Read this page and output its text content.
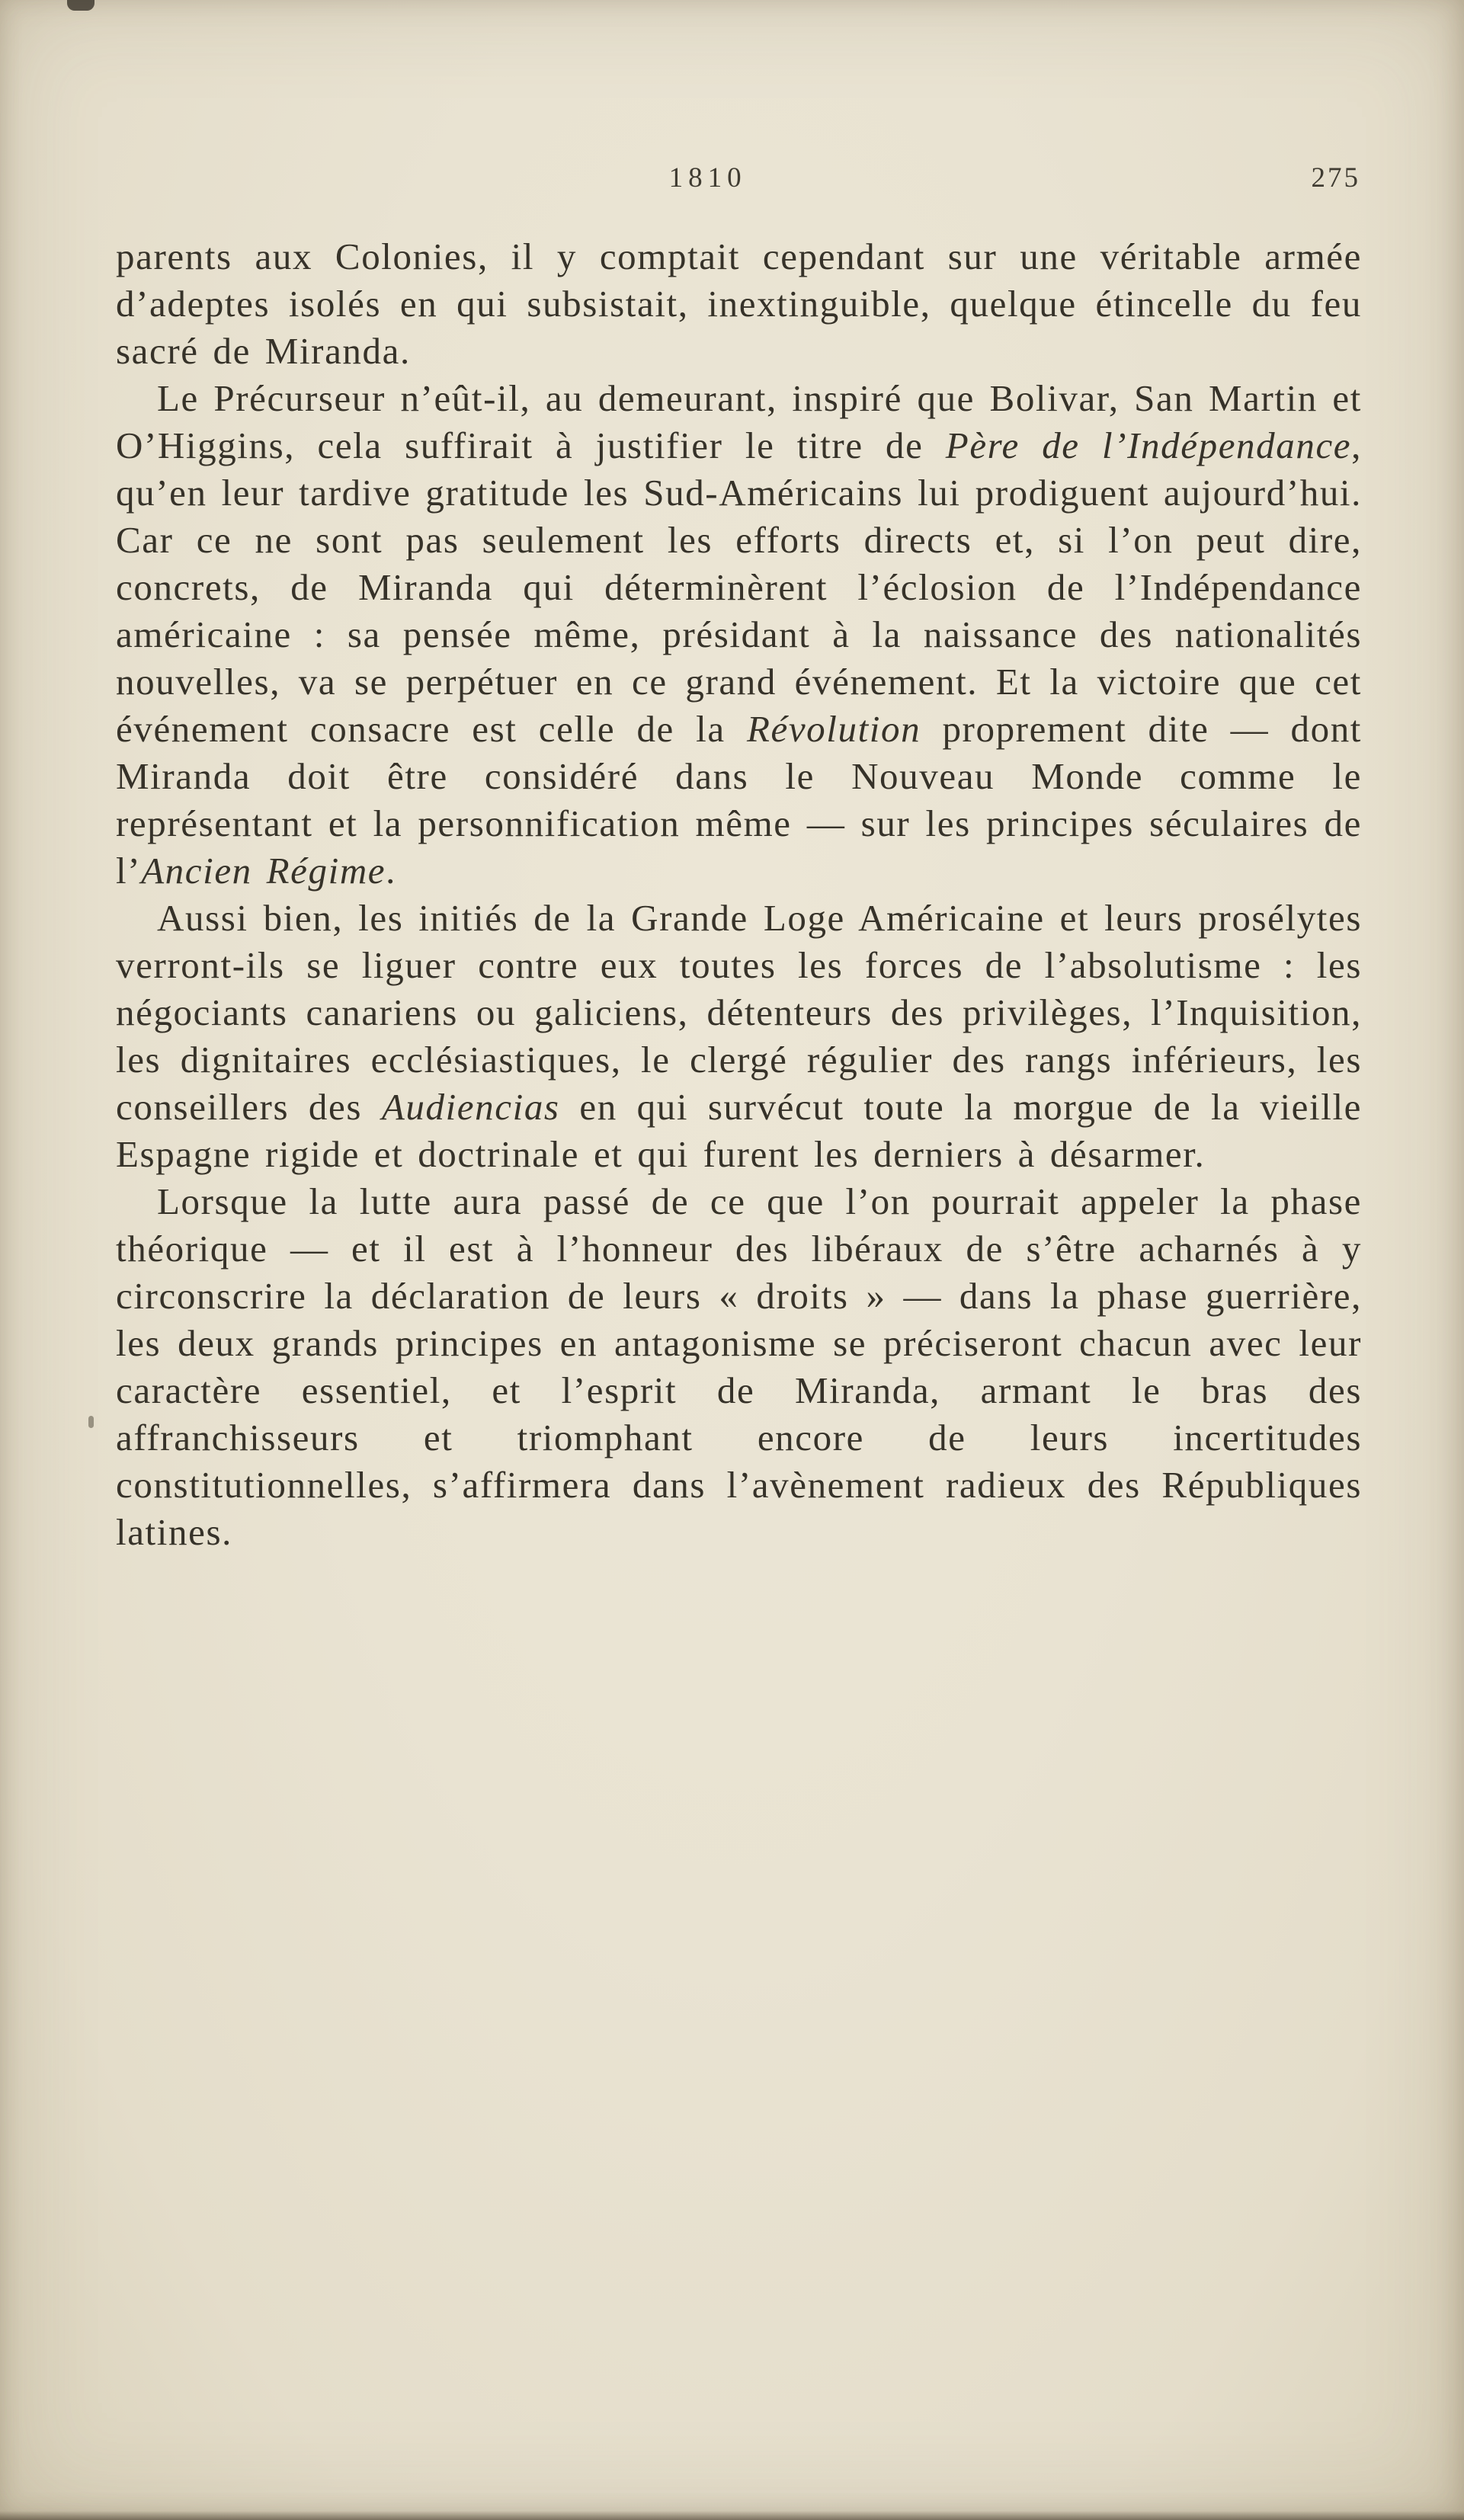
1810	275

parents aux Colonies, il y comptait cependant sur une véritable armée d’adeptes isolés en qui subsistait, inextinguible, quelque étincelle du feu sacré de Miranda.

Le Précurseur n’eût-il, au demeurant, inspiré que Bolivar, San Martin et O’Higgins, cela suffirait à justifier le titre de Père de l’Indépendance, qu’en leur tardive gratitude les Sud-Américains lui prodiguent aujourd’hui. Car ce ne sont pas seulement les efforts directs et, si l’on peut dire, concrets, de Miranda qui déterminèrent l’éclosion de l’Indépendance américaine : sa pensée même, présidant à la naissance des nationalités nouvelles, va se perpétuer en ce grand événement. Et la victoire que cet événement consacre est celle de la Révolution proprement dite — dont Miranda doit être considéré dans le Nouveau Monde comme le représentant et la personnification même — sur les principes séculaires de l’Ancien Régime.

Aussi bien, les initiés de la Grande Loge Américaine et leurs prosélytes verront-ils se liguer contre eux toutes les forces de l’absolutisme : les négociants canariens ou galiciens, détenteurs des privilèges, l’Inquisition, les dignitaires ecclésiastiques, le clergé régulier des rangs inférieurs, les conseillers des Audiencias en qui survécut toute la morgue de la vieille Espagne rigide et doctrinale et qui furent les derniers à désarmer.

Lorsque la lutte aura passé de ce que l’on pourrait appeler la phase théorique — et il est à l’honneur des libéraux de s’être acharnés à y circonscrire la déclaration de leurs « droits » — dans la phase guerrière, les deux grands principes en antagonisme se préciseront chacun avec leur caractère essentiel, et l’esprit de Miranda, armant le bras des affranchisseurs et triomphant encore de leurs incertitudes constitutionnelles, s’affirmera dans l’avènement radieux des Républiques latines.
